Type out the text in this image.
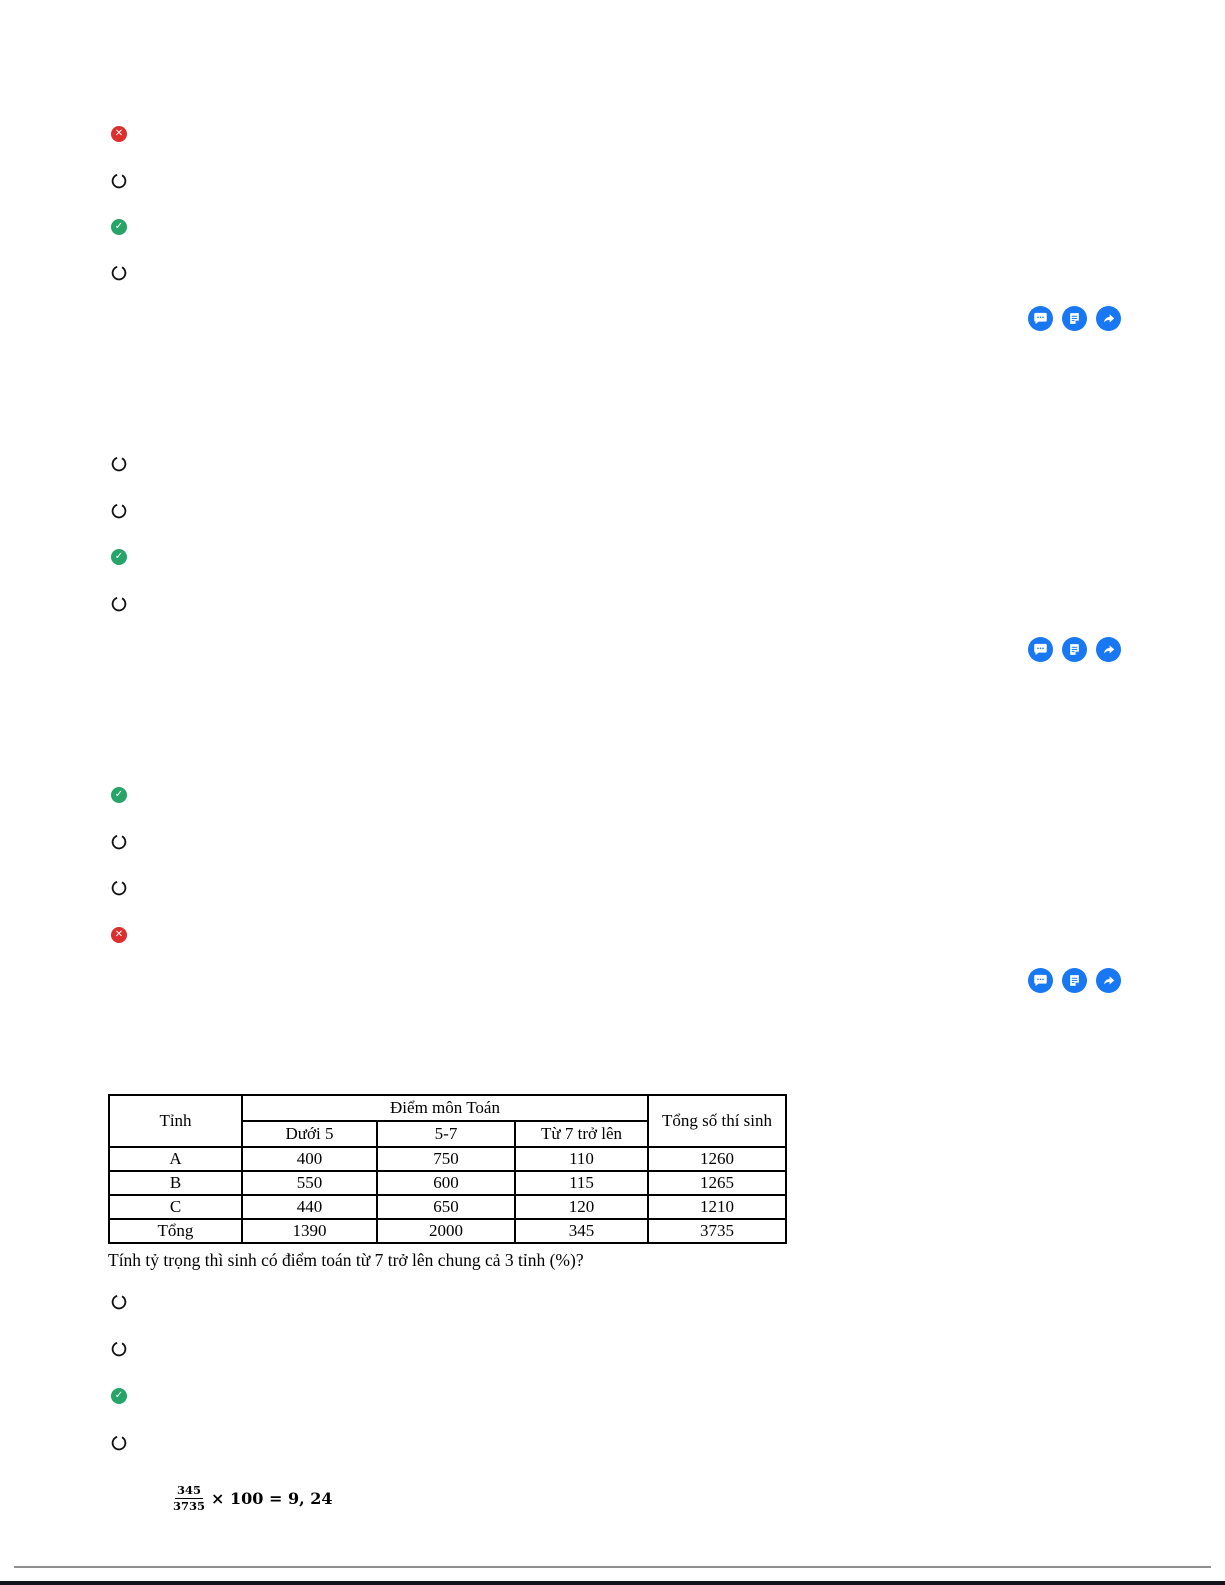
✕
✓
✓
✓
✕
Tỉnh	Điểm môn Toán			Tổng số thí sinh
	Dưới 5	5-7	Từ 7 trở lên	
A	400	750	110	1260
B	550	600	115	1265
C	440	650	120	1210
Tổng	1390	2000	345	3735
Tính tỷ trọng thì sinh có điểm toán từ 7 trở lên chung cả 3 tỉnh (%)?
✓
$\frac{345}{3735} \times 100 = 9$, 24
